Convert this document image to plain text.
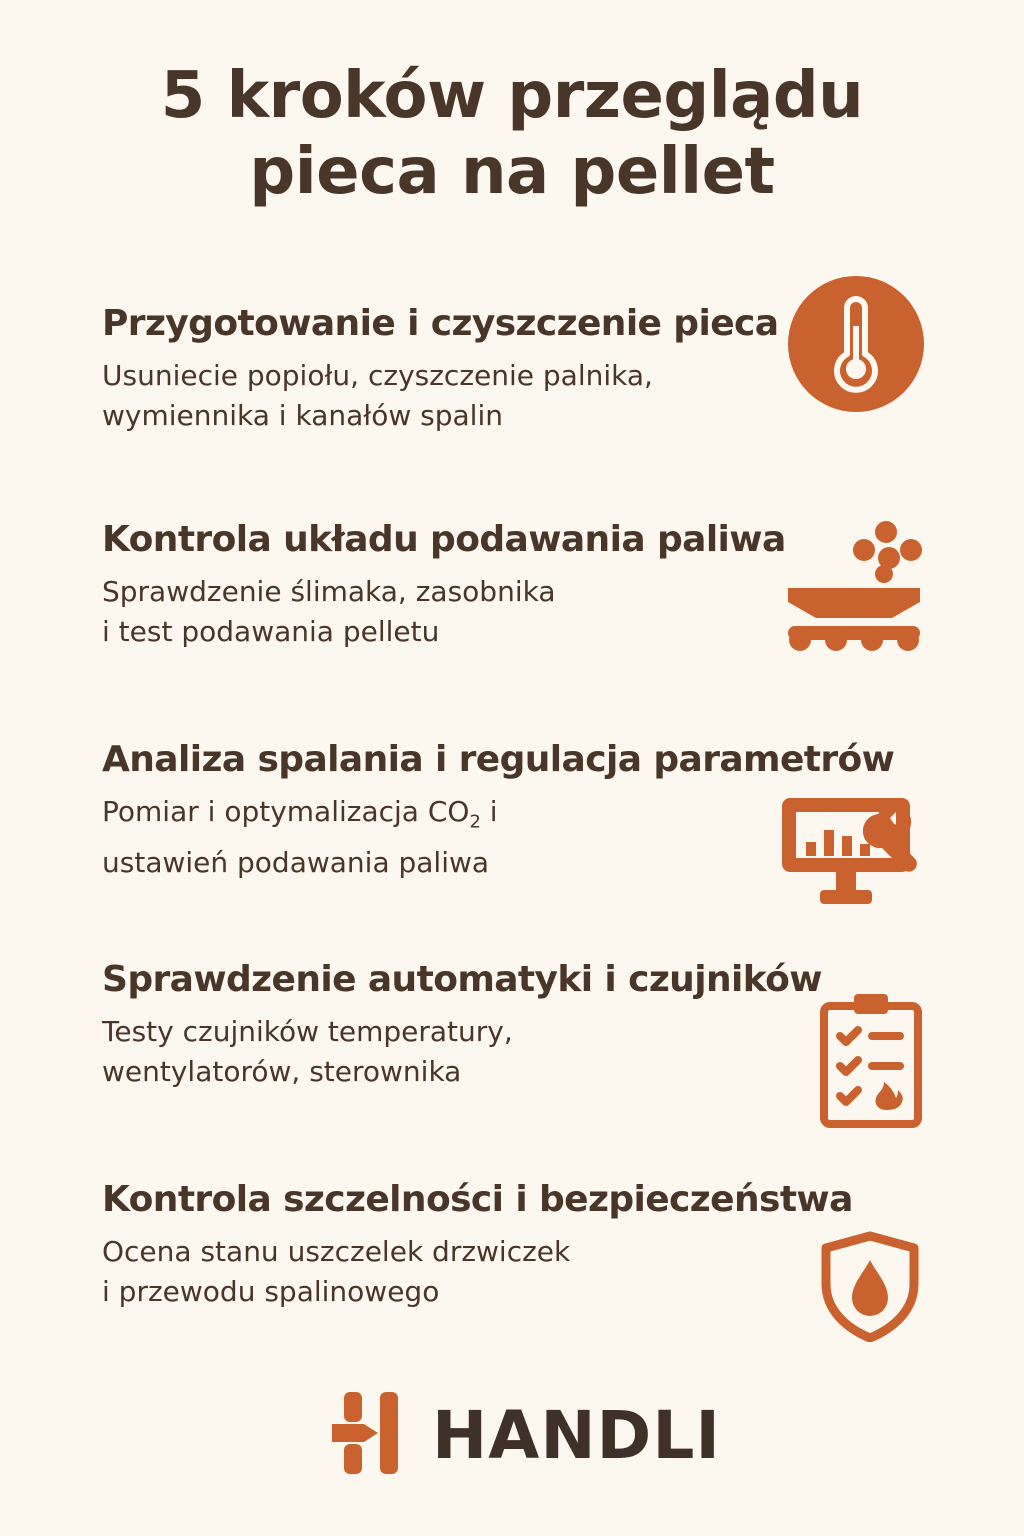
5 kroków przeglądu
pieca na pellet
Przygotowanie i czyszczenie pieca
Usuniecie popiołu, czyszczenie palnika,
wymiennika i kanałów spalin
Kontrola układu podawania paliwa
Sprawdzenie ślimaka, zasobnika
i test podawania pelletu
Analiza spalania i regulacja parametrów
Pomiar i optymalizacja $CO_2$ i
ustawień podawania paliwa
Sprawdzenie automatyki i czujników
Testy czujników temperatury,
wentylatorów, sterownika
Kontrola szczelności i bezpieczeństwa
Ocena stanu uszczelek drzwiczek
i przewodu spalinowego
HANDLI
